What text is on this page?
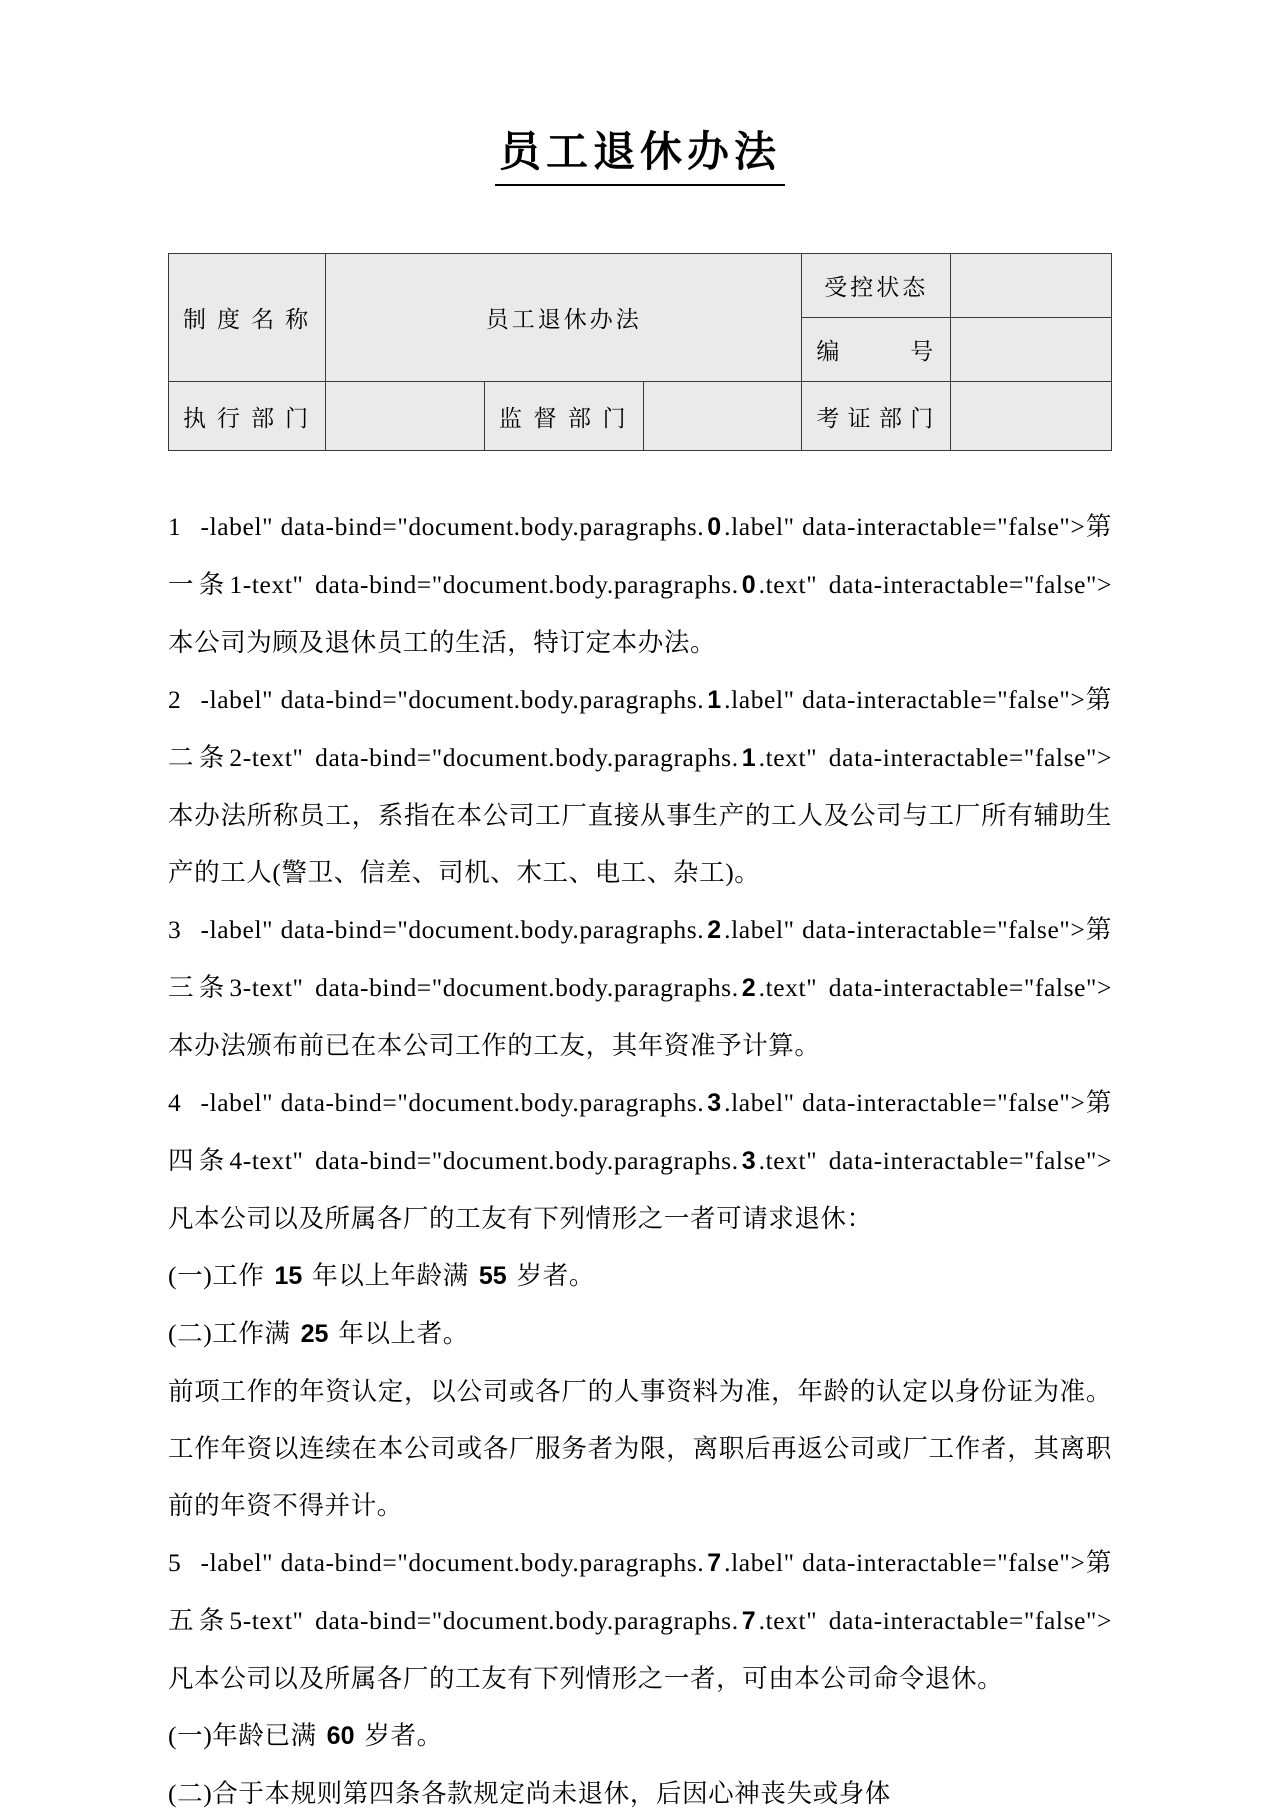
员工退休办法
制度名称	员工退休办法			受控状态	
				编　　号	
执行部门		监督部门		考证部门	

1 -label" data-bind="document.body.paragraphs. 0 .label" data-interactable="false">第一条1-text" data-bind="document.body.paragraphs. 0 .text" data-interactable="false">本公司为顾及退休员工的生活，特订定本办法。

2 -label" data-bind="document.body.paragraphs. 1 .label" data-interactable="false">第二条2-text" data-bind="document.body.paragraphs. 1 .text" data-interactable="false">本办法所称员工，系指在本公司工厂直接从事生产的工人及公司与工厂所有辅助生产的工人(警卫、信差、司机、木工、电工、杂工)。

3 -label" data-bind="document.body.paragraphs. 2 .label" data-interactable="false">第三条3-text" data-bind="document.body.paragraphs. 2 .text" data-interactable="false">本办法颁布前已在本公司工作的工友，其年资准予计算。

4 -label" data-bind="document.body.paragraphs. 3 .label" data-interactable="false">第四条4-text" data-bind="document.body.paragraphs. 3 .text" data-interactable="false">凡本公司以及所属各厂的工友有下列情形之一者可请求退休：

(一)工作 15 年以上年龄满 55 岁者。

(二)工作满 25 年以上者。

前项工作的年资认定，以公司或各厂的人事资料为准，年龄的认定以身份证为准。工作年资以连续在本公司或各厂服务者为限，离职后再返公司或厂工作者，其离职前的年资不得并计。

5 -label" data-bind="document.body.paragraphs. 7 .label" data-interactable="false">第五条5-text" data-bind="document.body.paragraphs. 7 .text" data-interactable="false">凡本公司以及所属各厂的工友有下列情形之一者，可由本公司命令退休。

(一)年龄已满 60 岁者。

(二)合于本规则第四条各款规定尚未退休，后因心神丧失或身体
